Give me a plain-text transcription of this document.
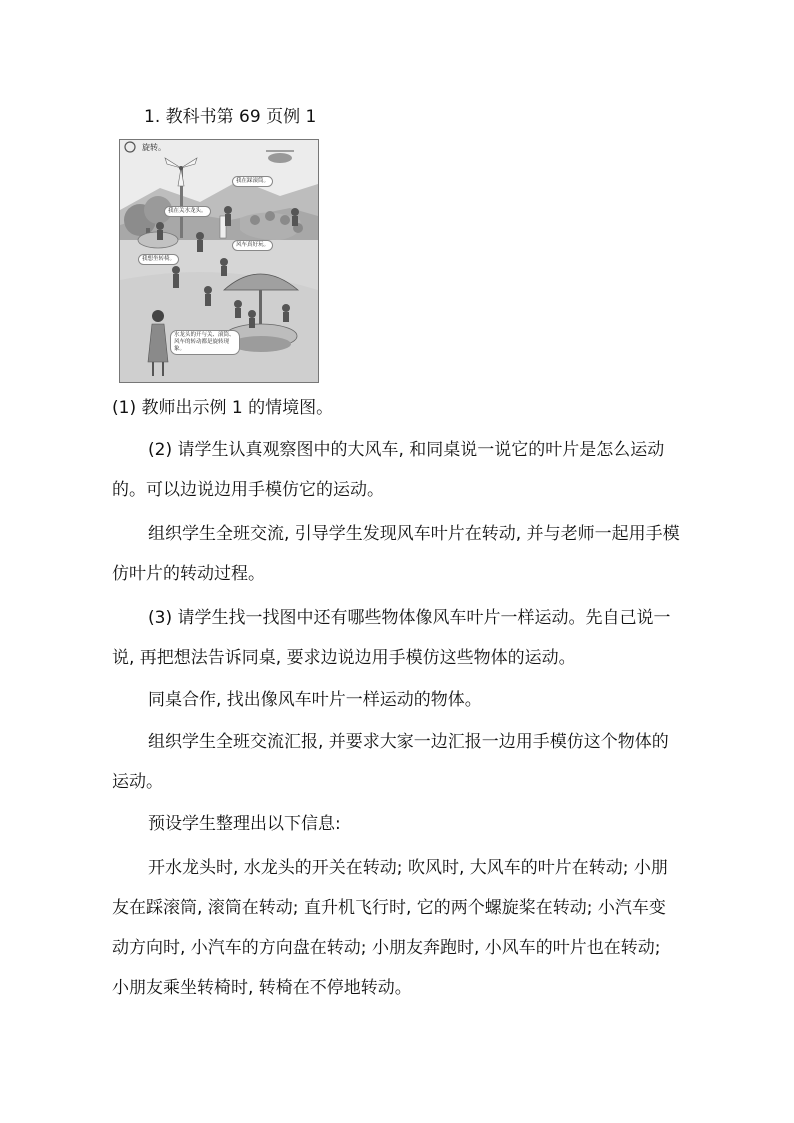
1. 教科书第 69 页例 1
旋转。
我在踩滚筒。
我在关水龙头。
风车真好玩。
我想坐转椅。
水龙头的开与关、滚筒、风车的转动都是旋转现象。

(1) 教师出示例 1 的情境图。

(2) 请学生认真观察图中的大风车, 和同桌说一说它的叶片是怎么运动的。可以边说边用手模仿它的运动。

组织学生全班交流, 引导学生发现风车叶片在转动, 并与老师一起用手模仿叶片的转动过程。

(3) 请学生找一找图中还有哪些物体像风车叶片一样运动。先自己说一说, 再把想法告诉同桌, 要求边说边用手模仿这些物体的运动。

同桌合作, 找出像风车叶片一样运动的物体。

组织学生全班交流汇报, 并要求大家一边汇报一边用手模仿这个物体的运动。

预设学生整理出以下信息:

开水龙头时, 水龙头的开关在转动; 吹风时, 大风车的叶片在转动; 小朋友在踩滚筒, 滚筒在转动; 直升机飞行时, 它的两个螺旋桨在转动; 小汽车变动方向时, 小汽车的方向盘在转动; 小朋友奔跑时, 小风车的叶片也在转动; 小朋友乘坐转椅时, 转椅在不停地转动。
